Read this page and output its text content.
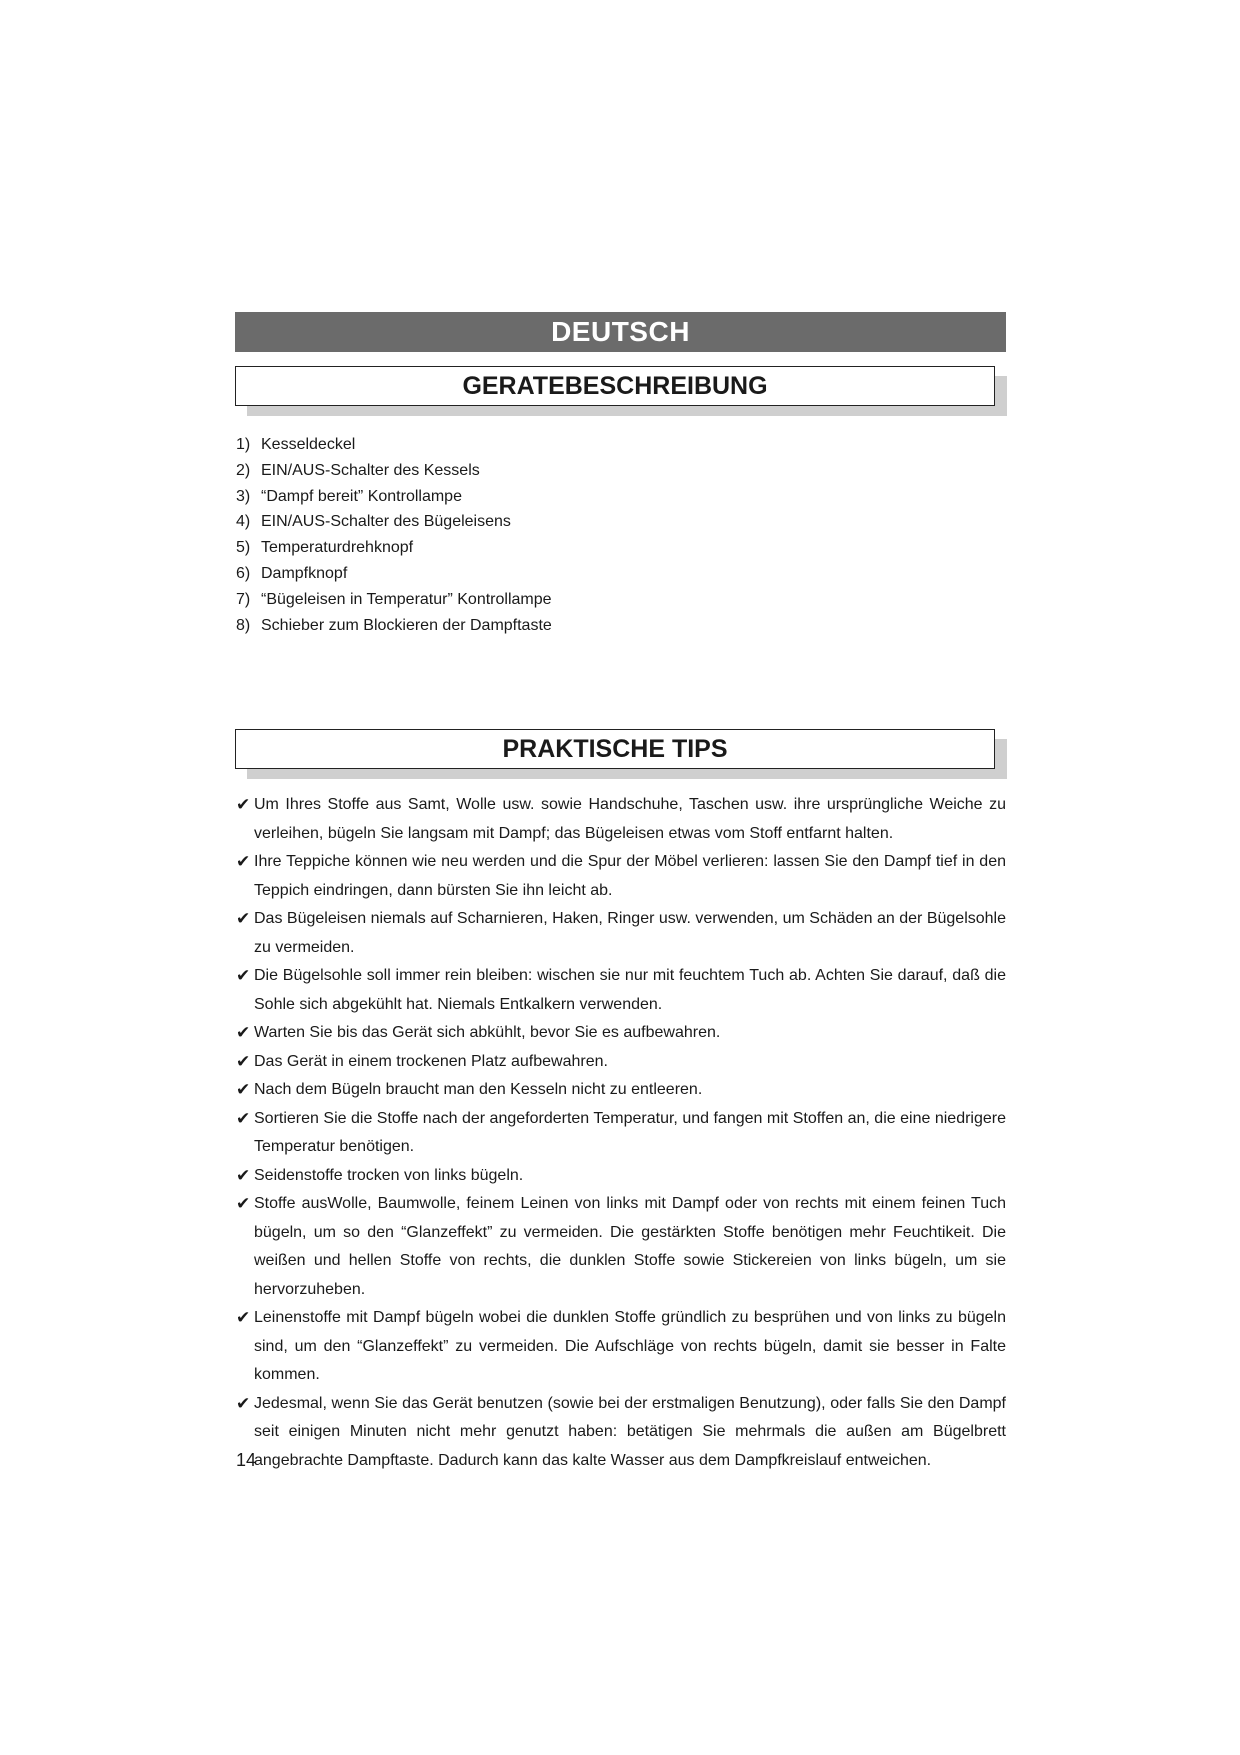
DEUTSCH
GERATEBESCHREIBUNG
1) Kesseldeckel
2) EIN/AUS-Schalter des Kessels
3) “Dampf bereit” Kontrollampe
4) EIN/AUS-Schalter des Bügeleisens
5) Temperaturdrehknopf
6) Dampfknopf
7) “Bügeleisen in Temperatur” Kontrollampe
8) Schieber zum Blockieren der Dampftaste
PRAKTISCHE TIPS
✔ Um Ihres Stoffe aus Samt, Wolle usw. sowie Handschuhe, Taschen usw. ihre ursprüngliche Weiche zu verleihen, bügeln Sie langsam mit Dampf; das Bügeleisen etwas vom Stoff entfarnt halten.
✔ Ihre Teppiche können wie neu werden und die Spur der Möbel verlieren: lassen Sie den Dampf tief in den Teppich eindringen, dann bürsten Sie ihn leicht ab.
✔ Das Bügeleisen niemals auf Scharnieren, Haken, Ringer usw. verwenden, um Schäden an der Bügelsohle zu vermeiden.
✔ Die Bügelsohle soll immer rein bleiben: wischen sie nur mit feuchtem Tuch ab. Achten Sie darauf, daß die Sohle sich abgekühlt hat. Niemals Entkalkern verwenden.
✔ Warten Sie bis das Gerät sich abkühlt, bevor Sie es aufbewahren.
✔ Das Gerät in einem trockenen Platz aufbewahren.
✔ Nach dem Bügeln braucht man den Kesseln nicht zu entleeren.
✔ Sortieren Sie die Stoffe nach der angeforderten Temperatur, und fangen mit Stoffen an, die eine niedrigere Temperatur benötigen.
✔ Seidenstoffe trocken von links bügeln.
✔ Stoffe ausWolle, Baumwolle, feinem Leinen von links mit Dampf oder von rechts mit einem feinen Tuch bügeln, um so den “Glanzeffekt” zu vermeiden. Die gestärkten Stoffe benötigen mehr Feuchtikeit. Die weißen und hellen Stoffe von rechts, die dunklen Stoffe sowie Stickereien von links bügeln, um sie hervorzuheben.
✔ Leinenstoffe mit Dampf bügeln wobei die dunklen Stoffe gründlich zu besprühen und von links zu bügeln sind, um den “Glanzeffekt” zu vermeiden. Die Aufschläge von rechts bügeln, damit sie besser in Falte kommen.
✔ Jedesmal, wenn Sie das Gerät benutzen (sowie bei der erstmaligen Benutzung), oder falls Sie den Dampf seit einigen Minuten nicht mehr genutzt haben: betätigen Sie mehrmals die außen am Bügelbrett angebrachte Dampftaste. Dadurch kann das kalte Wasser aus dem Dampfkreislauf entweichen.
14
